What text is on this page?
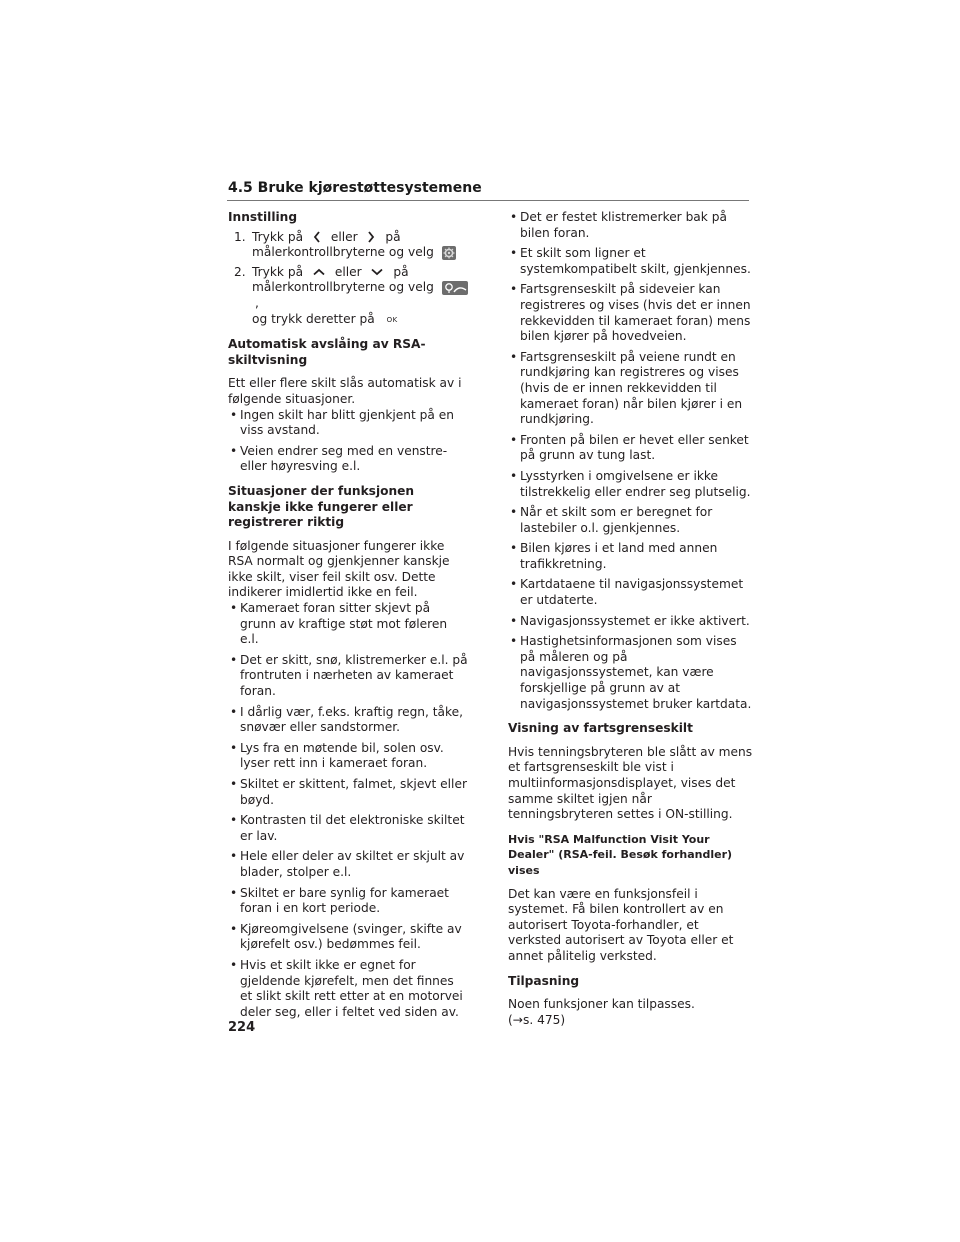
4.5 Bruke kjørestøttesystemene
Innstilling
1. Trykk på eller på
målerkontrollbryterne og velg
2. Trykk på	eller	på
målerkontrollbryterne og velg
,
og trykk deretter på OK
Automatisk avslåing av RSA-skiltvisning

Ett eller flere skilt slås automatisk av i følgende situasjoner.

• Ingen skilt har blitt gjenkjent på en viss avstand.
• Veien endrer seg med en venstre- eller høyresving e.l.
Situasjoner der funksjonen kanskje ikke fungerer eller registrerer riktig

I følgende situasjoner fungerer ikke RSA normalt og gjenkjenner kanskje ikke skilt, viser feil skilt osv. Dette indikerer imidlertid ikke en feil.

• Kameraet foran sitter skjevt på grunn av kraftige støt mot føleren e.l.
• Det er skitt, snø, klistremerker e.l. på frontruten i nærheten av kameraet foran.
• I dårlig vær, f.eks. kraftig regn, tåke, snøvær eller sandstormer.
• Lys fra en møtende bil, solen osv. lyser rett inn i kameraet foran.
• Skiltet er skittent, falmet, skjevt eller bøyd.
• Kontrasten til det elektroniske skiltet er lav.
• Hele eller deler av skiltet er skjult av blader, stolper e.l.
• Skiltet er bare synlig for kameraet foran i en kort periode.
• Kjøreomgivelsene (svinger, skifte av kjørefelt osv.) bedømmes feil.
• Hvis et skilt ikke er egnet for gjeldende kjørefelt, men det finnes et slikt skilt rett etter at en motorvei deler seg, eller i feltet ved siden av.
• Det er festet klistremerker bak på bilen foran.
• Et skilt som ligner et systemkompatibelt skilt, gjenkjennes.
• Fartsgrenseskilt på sideveier kan registreres og vises (hvis det er innen rekkevidden til kameraet foran) mens bilen kjører på hovedveien.
• Fartsgrenseskilt på veiene rundt en rundkjøring kan registreres og vises (hvis de er innen rekkevidden til kameraet foran) når bilen kjører i en rundkjøring.
• Fronten på bilen er hevet eller senket på grunn av tung last.
• Lysstyrken i omgivelsene er ikke tilstrekkelig eller endrer seg plutselig.
• Når et skilt som er beregnet for lastebiler o.l. gjenkjennes.
• Bilen kjøres i et land med annen trafikkretning.
• Kartdataene til navigasjonssystemet er utdaterte.
• Navigasjonssystemet er ikke aktivert.
• Hastighetsinformasjonen som vises på måleren og på navigasjonssystemet, kan være forskjellige på grunn av at navigasjonssystemet bruker kartdata.
Visning av fartsgrenseskilt

Hvis tenningsbryteren ble slått av mens et fartsgrenseskilt ble vist i multiinformasjonsdisplayet, vises det samme skiltet igjen når tenningsbryteren settes i ON-stilling.

Hvis "RSA Malfunction Visit Your Dealer" (RSA-feil. Besøk forhandler) vises

Det kan være en funksjonsfeil i systemet. Få bilen kontrollert av en autorisert Toyota-forhandler, et verksted autorisert av Toyota eller et annet pålitelig verksted.

Tilpasning

Noen funksjoner kan tilpasses.
(→s. 475)

224
